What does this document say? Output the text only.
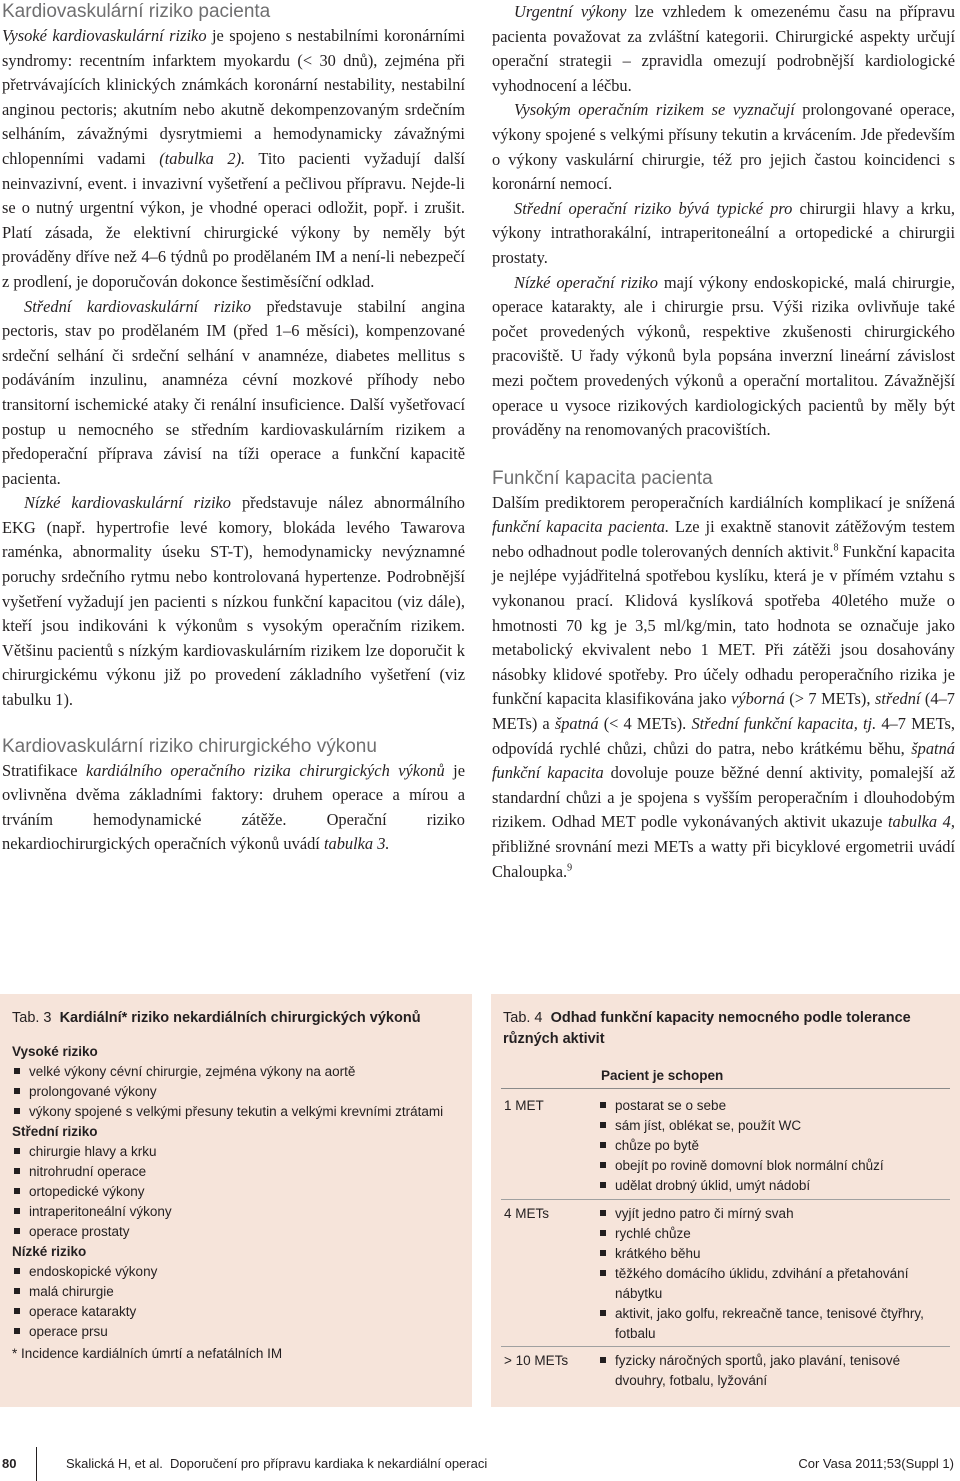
Kardiovaskulární riziko pacienta

Vysoké kardiovaskulární riziko je spojeno s nestabilními koronárními syndromy: recentním infarktem myokardu (< 30 dnů), zejména při přetrvávajících klinických známkách koronární nestability, nestabilní anginou pectoris; akutním nebo akutně dekompenzovaným srdečním selháním, závažnými dysrytmiemi a hemodynamicky závažnými chlopenními vadami (tabulka 2). Tito pacienti vyžadují další neinvazivní, event. i invazivní vyšetření a pečlivou přípravu. Nejde-li se o nutný urgentní výkon, je vhodné operaci odložit, popř. i zrušit. Platí zásada, že elektivní chirurgické výkony by neměly být prováděny dříve než 4–6 týdnů po prodělaném IM a není-li nebezpečí z prodlení, je doporučován dokonce šestiměsíční odklad.

Střední kardiovaskulární riziko představuje stabilní angina pectoris, stav po prodělaném IM (před 1–6 měsíci), kompenzované srdeční selhání či srdeční selhání v anamnéze, diabetes mellitus s podáváním inzulinu, anamnéza cévní mozkové příhody nebo transitorní ischemické ataky či renální insuficience. Další vyšetřovací postup u nemocného se středním kardiovaskulárním rizikem a předoperační příprava závisí na tíži operace a funkční kapacitě pacienta.

Nízké kardiovaskulární riziko představuje nález abnormálního EKG (např. hypertrofie levé komory, blokáda levého Tawarova raménka, abnormality úseku ST-T), hemodynamicky nevýznamné poruchy srdečního rytmu nebo kontrolovaná hypertenze. Podrobnější vyšetření vyžadují jen pacienti s nízkou funkční kapacitou (viz dále), kteří jsou indikováni k výkonům s vysokým operačním rizikem. Většinu pacientů s nízkým kardiovaskulárním rizikem lze doporučit k chirurgickému výkonu již po provedení základního vyšetření (viz tabulku 1).

Kardiovaskulární riziko chirurgického výkonu

Stratifikace kardiálního operačního rizika chirurgických výkonů je ovlivněna dvěma základními faktory: druhem operace a mírou a trváním hemodynamické zátěže. Operační riziko nekardiochirurgických operačních výkonů uvádí tabulka 3.

Urgentní výkony lze vzhledem k omezenému času na přípravu pacienta považovat za zvláštní kategorii. Chirurgické aspekty určují operační strategii – zpravidla omezují podrobnější kardiologické vyhodnocení a léčbu.

Vysokým operačním rizikem se vyznačují prolongované operace, výkony spojené s velkými přísuny tekutin a krvácením. Jde především o výkony vaskulární chirurgie, též pro jejich častou koincidenci s koronární nemocí.

Střední operační riziko bývá typické pro chirurgii hlavy a krku, výkony intrathorakální, intraperitoneální a ortopedické a chirurgii prostaty.

Nízké operační riziko mají výkony endoskopické, malá chirurgie, operace katarakty, ale i chirurgie prsu. Výši rizika ovlivňuje také počet provedených výkonů, respektive zkušenosti chirurgického pracoviště. U řady výkonů byla popsána inverzní lineární závislost mezi počtem provedených výkonů a operační mortalitou. Závažnější operace u vysoce rizikových kardiologických pacientů by měly být prováděny na renomovaných pracovištích.

Funkční kapacita pacienta

Dalším prediktorem peroperačních kardiálních komplikací je snížená funkční kapacita pacienta. Lze ji exaktně stanovit zátěžovým testem nebo odhadnout podle tolerovaných denních aktivit.$^8$ Funkční kapacita je nejlépe vyjádřitelná spotřebou kyslíku, která je v přímém vztahu s vykonanou prací. Klidová kyslíková spotřeba 40letého muže o hmotnosti 70 kg je 3,5 ml/kg/min, tato hodnota se označuje jako metabolický ekvivalent nebo 1 MET. Při zátěži jsou dosahovány násobky klidové spotřeby. Pro účely odhadu peroperačního rizika je funkční kapacita klasifikována jako výborná (> 7 METs), střední (4–7 METs) a špatná (< 4 METs). Střední funkční kapacita, tj. 4–7 METs, odpovídá rychlé chůzi, chůzi do patra, nebo krátkému běhu, špatná funkční kapacita dovoluje pouze běžné denní aktivity, pomalejší až standardní chůzi a je spojena s vyšším peroperačním i dlouhodobým rizikem. Odhad MET podle vykonávaných aktivit ukazuje tabulka 4, přibližné srovnání mezi METs a watty při bicyklové ergometrii uvádí Chaloupka.$^9$

Tab. 3 Kardiální* riziko nekardiálních chirurgických výkonů

Vysoké riziko

velké výkony cévní chirurgie, zejména výkony na aortě
prolongované výkony
výkony spojené s velkými přesuny tekutin a velkými krevními ztrátami

Střední riziko

chirurgie hlavy a krku
nitrohrudní operace
ortopedické výkony
intraperitoneální výkony
operace prostaty

Nízké riziko

endoskopické výkony
malá chirurgie
operace katarakty
operace prsu

* Incidence kardiálních úmrtí a nefatálních IM

Tab. 4 Odhad funkční kapacity nemocného podle tolerance různých aktivit
Pacient je schopen
1 MET	postarat se o sebe
sám jíst, oblékat se, použít WC
chůze po bytě
obejít po rovině domovní blok normální chůzí
udělat drobný úklid, umýt nádobí
4 METs	vyjít jedno patro či mírný svah
rychlé chůze
krátkého běhu
těžkého domácího úklidu, zdvihání a přetahování nábytku
aktivit, jako golfu, rekreačně tance, tenisové čtyřhry, fotbalu
> 10 METs	fyzicky náročných sportů, jako plavání, tenisové dvouhry, fotbalu, lyžování
80	Skalická H, et al. Doporučení pro přípravu kardiaka k nekardiální operaci	Cor Vasa 2011;53(Suppl 1)
